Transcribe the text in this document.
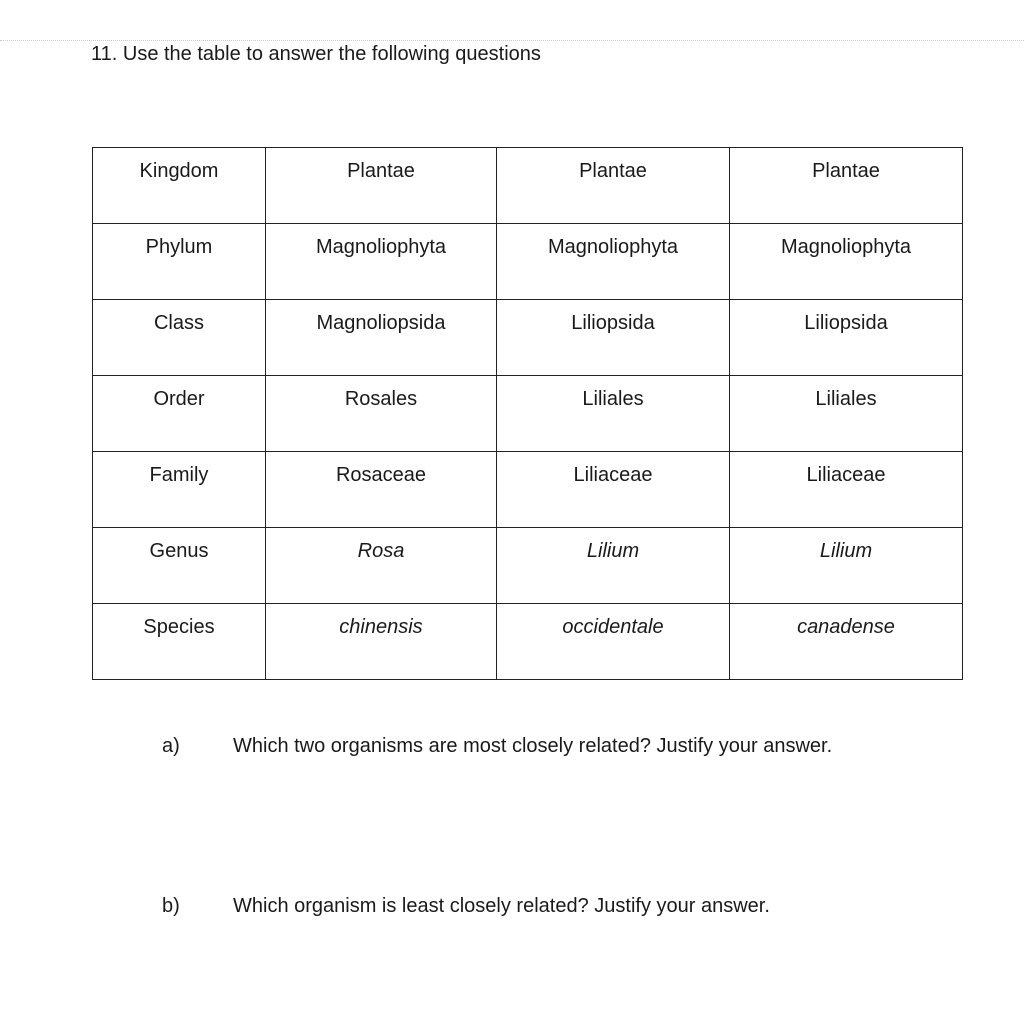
11. Use the table to answer the following questions
Kingdom	Plantae	Plantae	Plantae

Phylum	Magnoliophyta	Magnoliophyta	Magnoliophyta

Class	Magnoliopsida	Liliopsida	Liliopsida

Order	Rosales	Liliales	Liliales

Family	Rosaceae	Liliaceae	Liliaceae

Genus	Rosa	Lilium	Lilium

Species	chinensis	occidentale	canadense
a)	Which two organisms are most closely related? Justify your answer.
b)	Which organism is least closely related? Justify your answer.
